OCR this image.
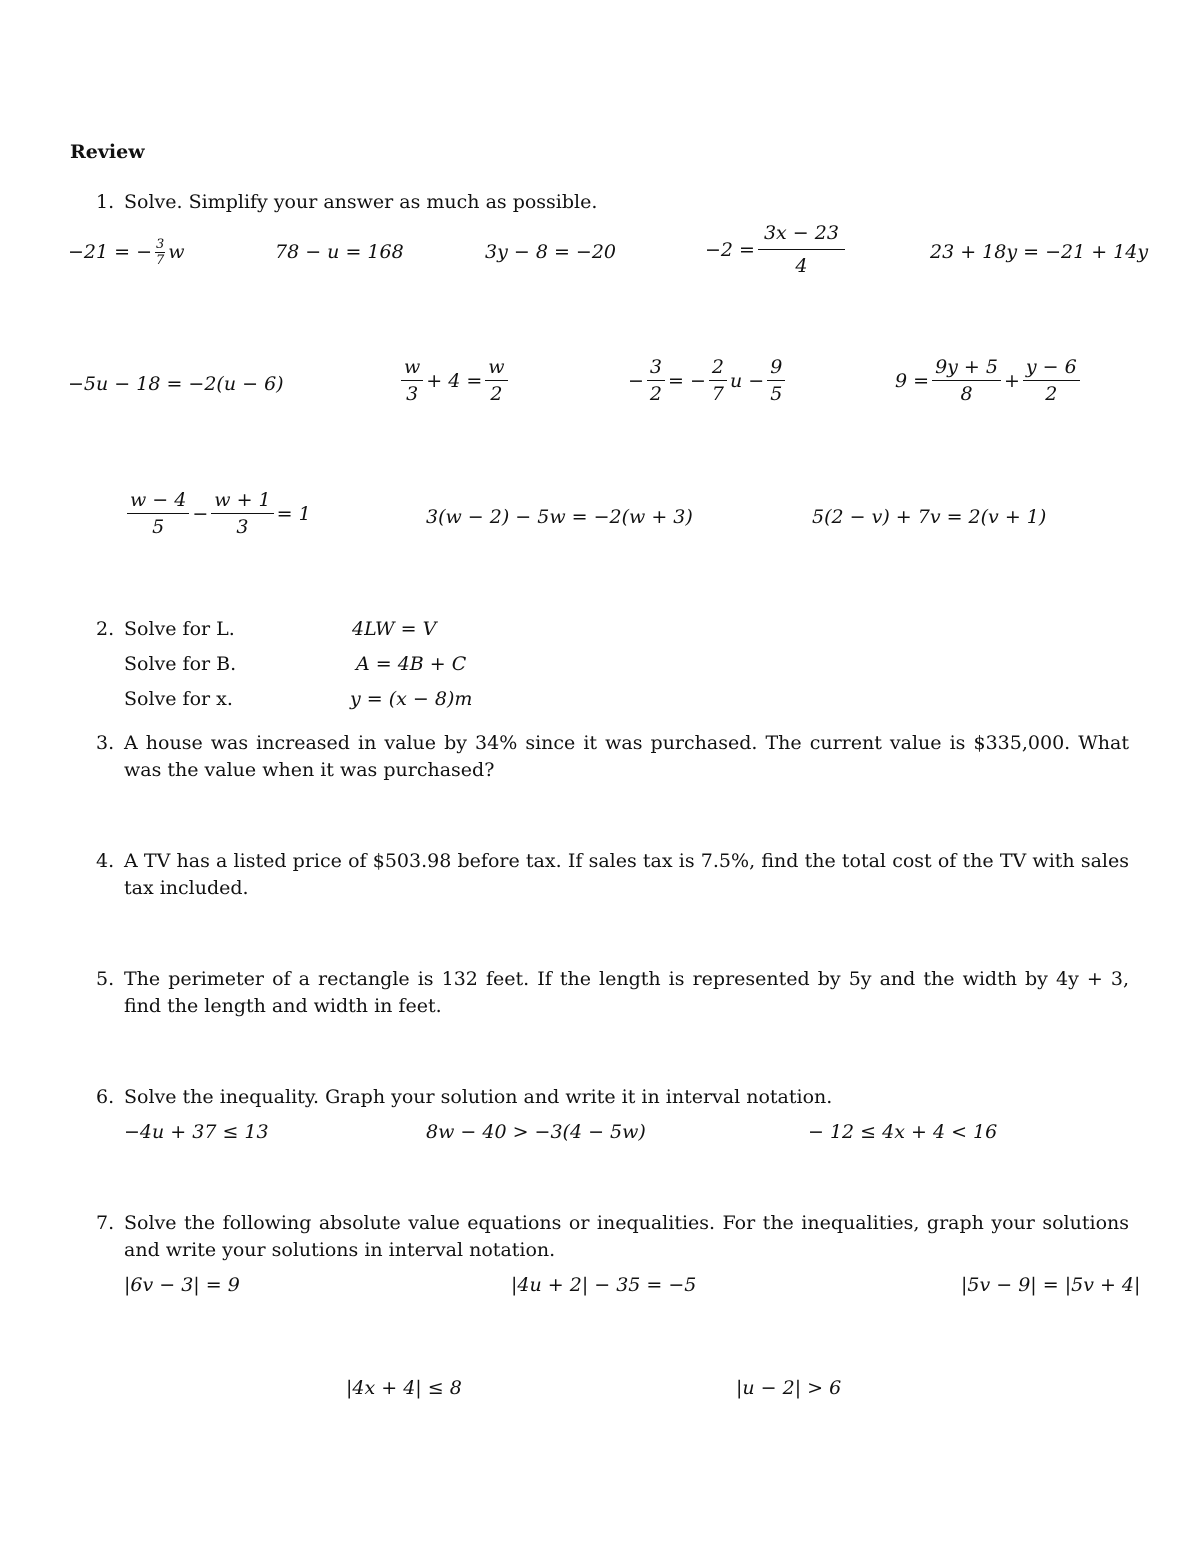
Review
1. Solve. Simplify your answer as much as possible.
−21 = − $\frac{3}{7}$ w	78 − u = 168	3y − 8 = −20	$-2 = \frac{3x - 23}{4}$	23 + 18y = −21 + 14y
−5u − 18 = −2(u − 6)	$\frac{w}{3} + 4 = \frac{w}{2}$	− $\frac{3}{2}$ = − $\frac{2}{7}$ $u - \frac{9}{5}$	$9 = \frac{9y + 5}{8} + \frac{y - 6}{2}$
$\frac{w - 4}{5} - \frac{w + 1}{3} = 1$	3(w − 2) − 5w = −2(w + 3)	5(2 − v) + 7v = 2(v + 1)
2. Solve for L.	4LW = V
Solve for B.	A = 4B + C
Solve for x.	y = (x − 8)m
3. A house was increased in value by 34% since it was purchased. The current value is $335,000. What was the value when it was purchased?
4. A TV has a listed price of $503.98 before tax. If sales tax is 7.5%, find the total cost of the TV with sales tax included.
5. The perimeter of a rectangle is 132 feet. If the length is represented by 5y and the width by 4y + 3, find the length and width in feet.
6. Solve the inequality. Graph your solution and write it in interval notation.
−4u + 37 ≤ 13	8w − 40 > −3(4 − 5w)	− 12 ≤ 4x + 4 < 16
7. Solve the following absolute value equations or inequalities. For the inequalities, graph your solutions and write your solutions in interval notation.
|6v − 3| = 9	|4u + 2| − 35 = −5	|5v − 9| = |5v + 4|
|4x + 4| ≤ 8	|u − 2| > 6
